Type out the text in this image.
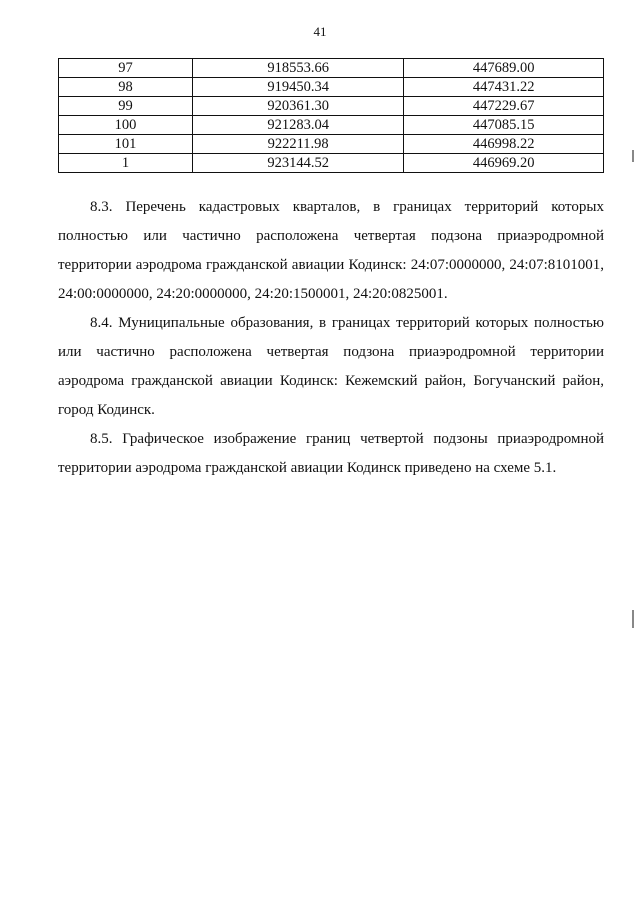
41
97	918553.66	447689.00
98	919450.34	447431.22
99	920361.30	447229.67
100	921283.04	447085.15
101	922211.98	446998.22
1	923144.52	446969.20

8.3. Перечень кадастровых кварталов, в границах территорий которых полностью или частично расположена четвертая подзона приаэродромной территории аэродрома гражданской авиации Кодинск: 24:07:0000000, 24:07:8101001, 24:00:0000000, 24:20:0000000, 24:20:1500001, 24:20:0825001.

8.4. Муниципальные образования, в границах территорий которых полностью или частично расположена четвертая подзона приаэродромной территории аэродрома гражданской авиации Кодинск: Кежемский район, Богучанский район, город Кодинск.

8.5. Графическое изображение границ четвертой подзоны приаэродромной территории аэродрома гражданской авиации Кодинск приведено на схеме 5.1.
